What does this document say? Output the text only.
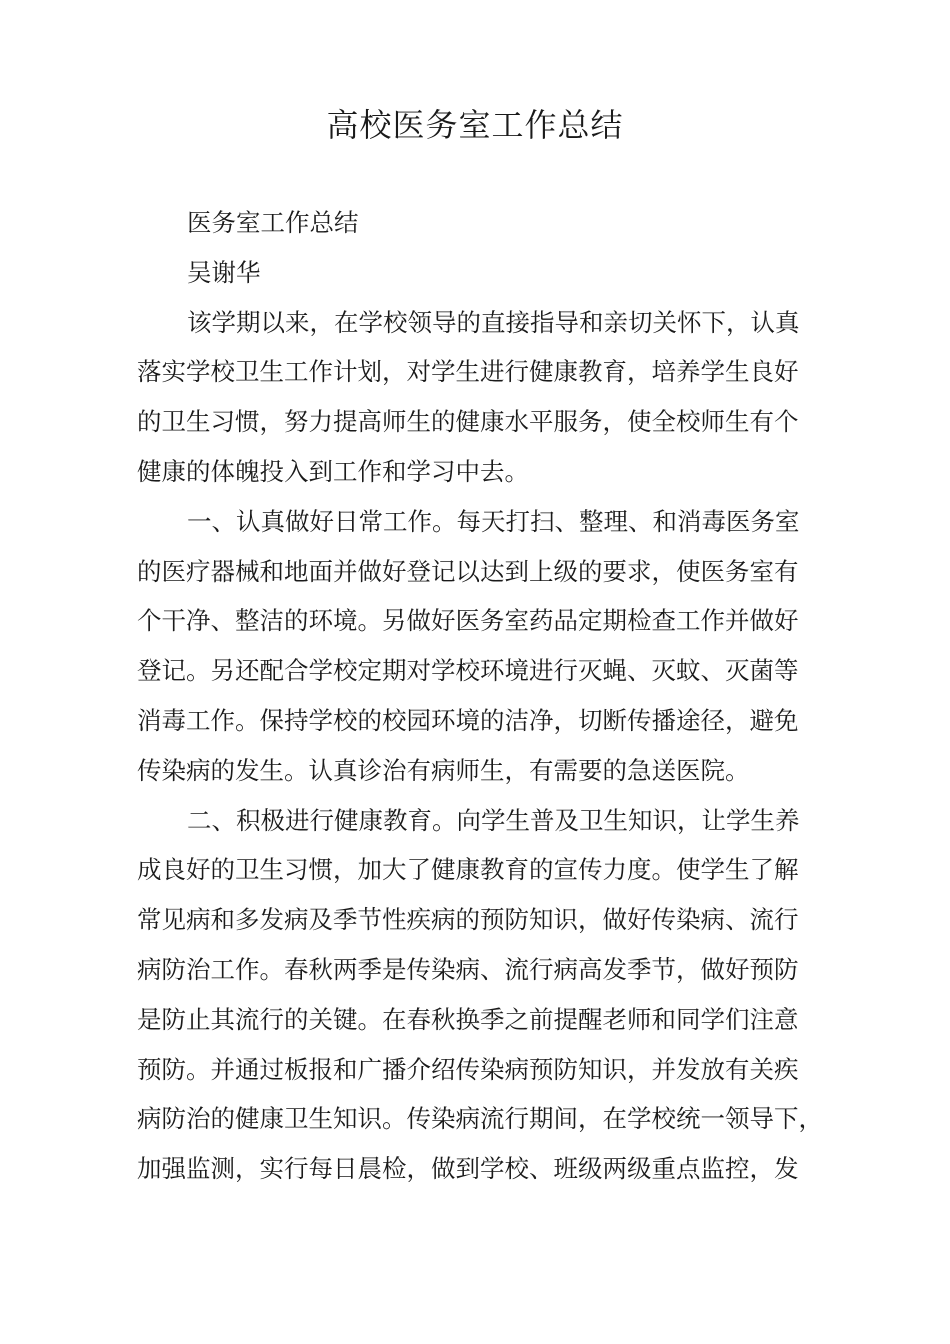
高校医务室工作总结
医务室工作总结
吴谢华
该学期以来，在学校领导的直接指导和亲切关怀下，认真
落实学校卫生工作计划，对学生进行健康教育，培养学生良好
的卫生习惯，努力提高师生的健康水平服务，使全校师生有个
健康的体魄投入到工作和学习中去。
一、认真做好日常工作。每天打扫、整理、和消毒医务室
的医疗器械和地面并做好登记以达到上级的要求，使医务室有
个干净、整洁的环境。另做好医务室药品定期检查工作并做好
登记。另还配合学校定期对学校环境进行灭蝇、灭蚊、灭菌等
消毒工作。保持学校的校园环境的洁净，切断传播途径，避免
传染病的发生。认真诊治有病师生，有需要的急送医院。
二、积极进行健康教育。向学生普及卫生知识，让学生养
成良好的卫生习惯，加大了健康教育的宣传力度。使学生了解
常见病和多发病及季节性疾病的预防知识，做好传染病、流行
病防治工作。春秋两季是传染病、流行病高发季节，做好预防
是防止其流行的关键。在春秋换季之前提醒老师和同学们注意
预防。并通过板报和广播介绍传染病预防知识，并发放有关疾
病防治的健康卫生知识。传染病流行期间，在学校统一领导下，
加强监测，实行每日晨检，做到学校、班级两级重点监控，发
